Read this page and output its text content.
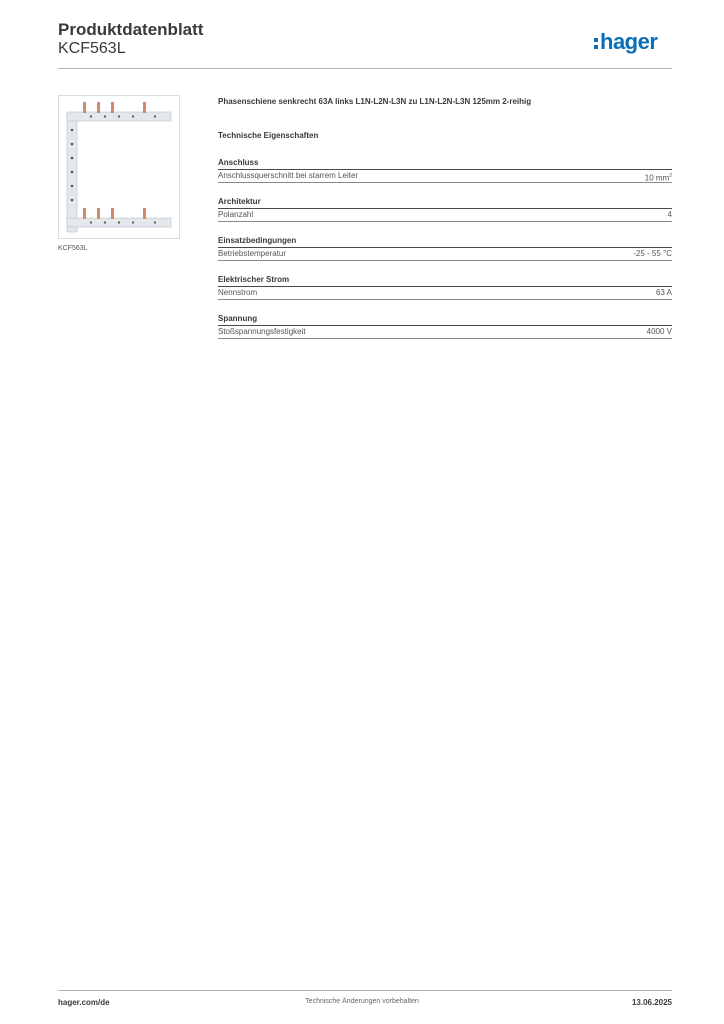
Produktdatenblatt
KCF563L	hager
KCF563L
Phasenschiene senkrecht 63A links L1N-L2N-L3N zu L1N-L2N-L3N 125mm 2-reihig
Technische Eigenschaften
Anschluss
Anschlussquerschnitt bei starrem Leiter	10 $mm^2$
Architektur
Polanzahl	4
Einsatzbedingungen
Betriebstemperatur	-25 - 55 °C
Elektrischer Strom
Nennstrom	63 A
Spannung
Stoßspannungsfestigkeit	4000 V
hager.com/de	Technische Änderungen vorbehalten	13.06.2025
